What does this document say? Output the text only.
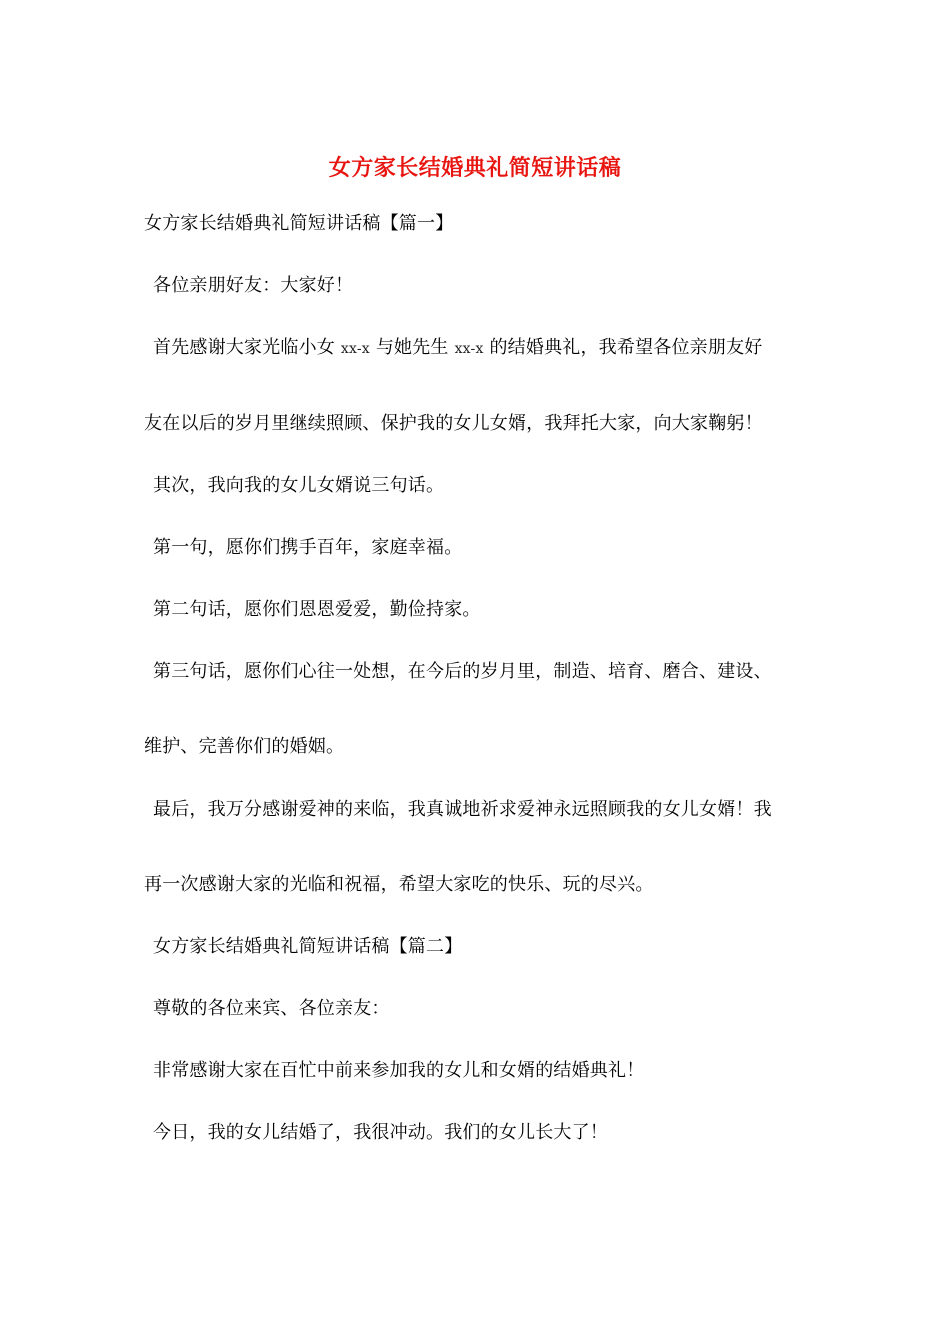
女方家长结婚典礼简短讲话稿
女方家长结婚典礼简短讲话稿【篇一】
各位亲朋好友：大家好！
首先感谢大家光临小女 xx-x 与她先生 xx-x 的结婚典礼，我希望各位亲朋友好
友在以后的岁月里继续照顾、保护我的女儿女婿，我拜托大家，向大家鞠躬！
其次，我向我的女儿女婿说三句话。
第一句，愿你们携手百年，家庭幸福。
第二句话，愿你们恩恩爱爱，勤俭持家。
第三句话，愿你们心往一处想，在今后的岁月里，制造、培育、磨合、建设、
维护、完善你们的婚姻。
最后，我万分感谢爱神的来临，我真诚地祈求爱神永远照顾我的女儿女婿！我
再一次感谢大家的光临和祝福，希望大家吃的快乐、玩的尽兴。
女方家长结婚典礼简短讲话稿【篇二】
尊敬的各位来宾、各位亲友：
非常感谢大家在百忙中前来参加我的女儿和女婿的结婚典礼！
今日，我的女儿结婚了，我很冲动。我们的女儿长大了！
